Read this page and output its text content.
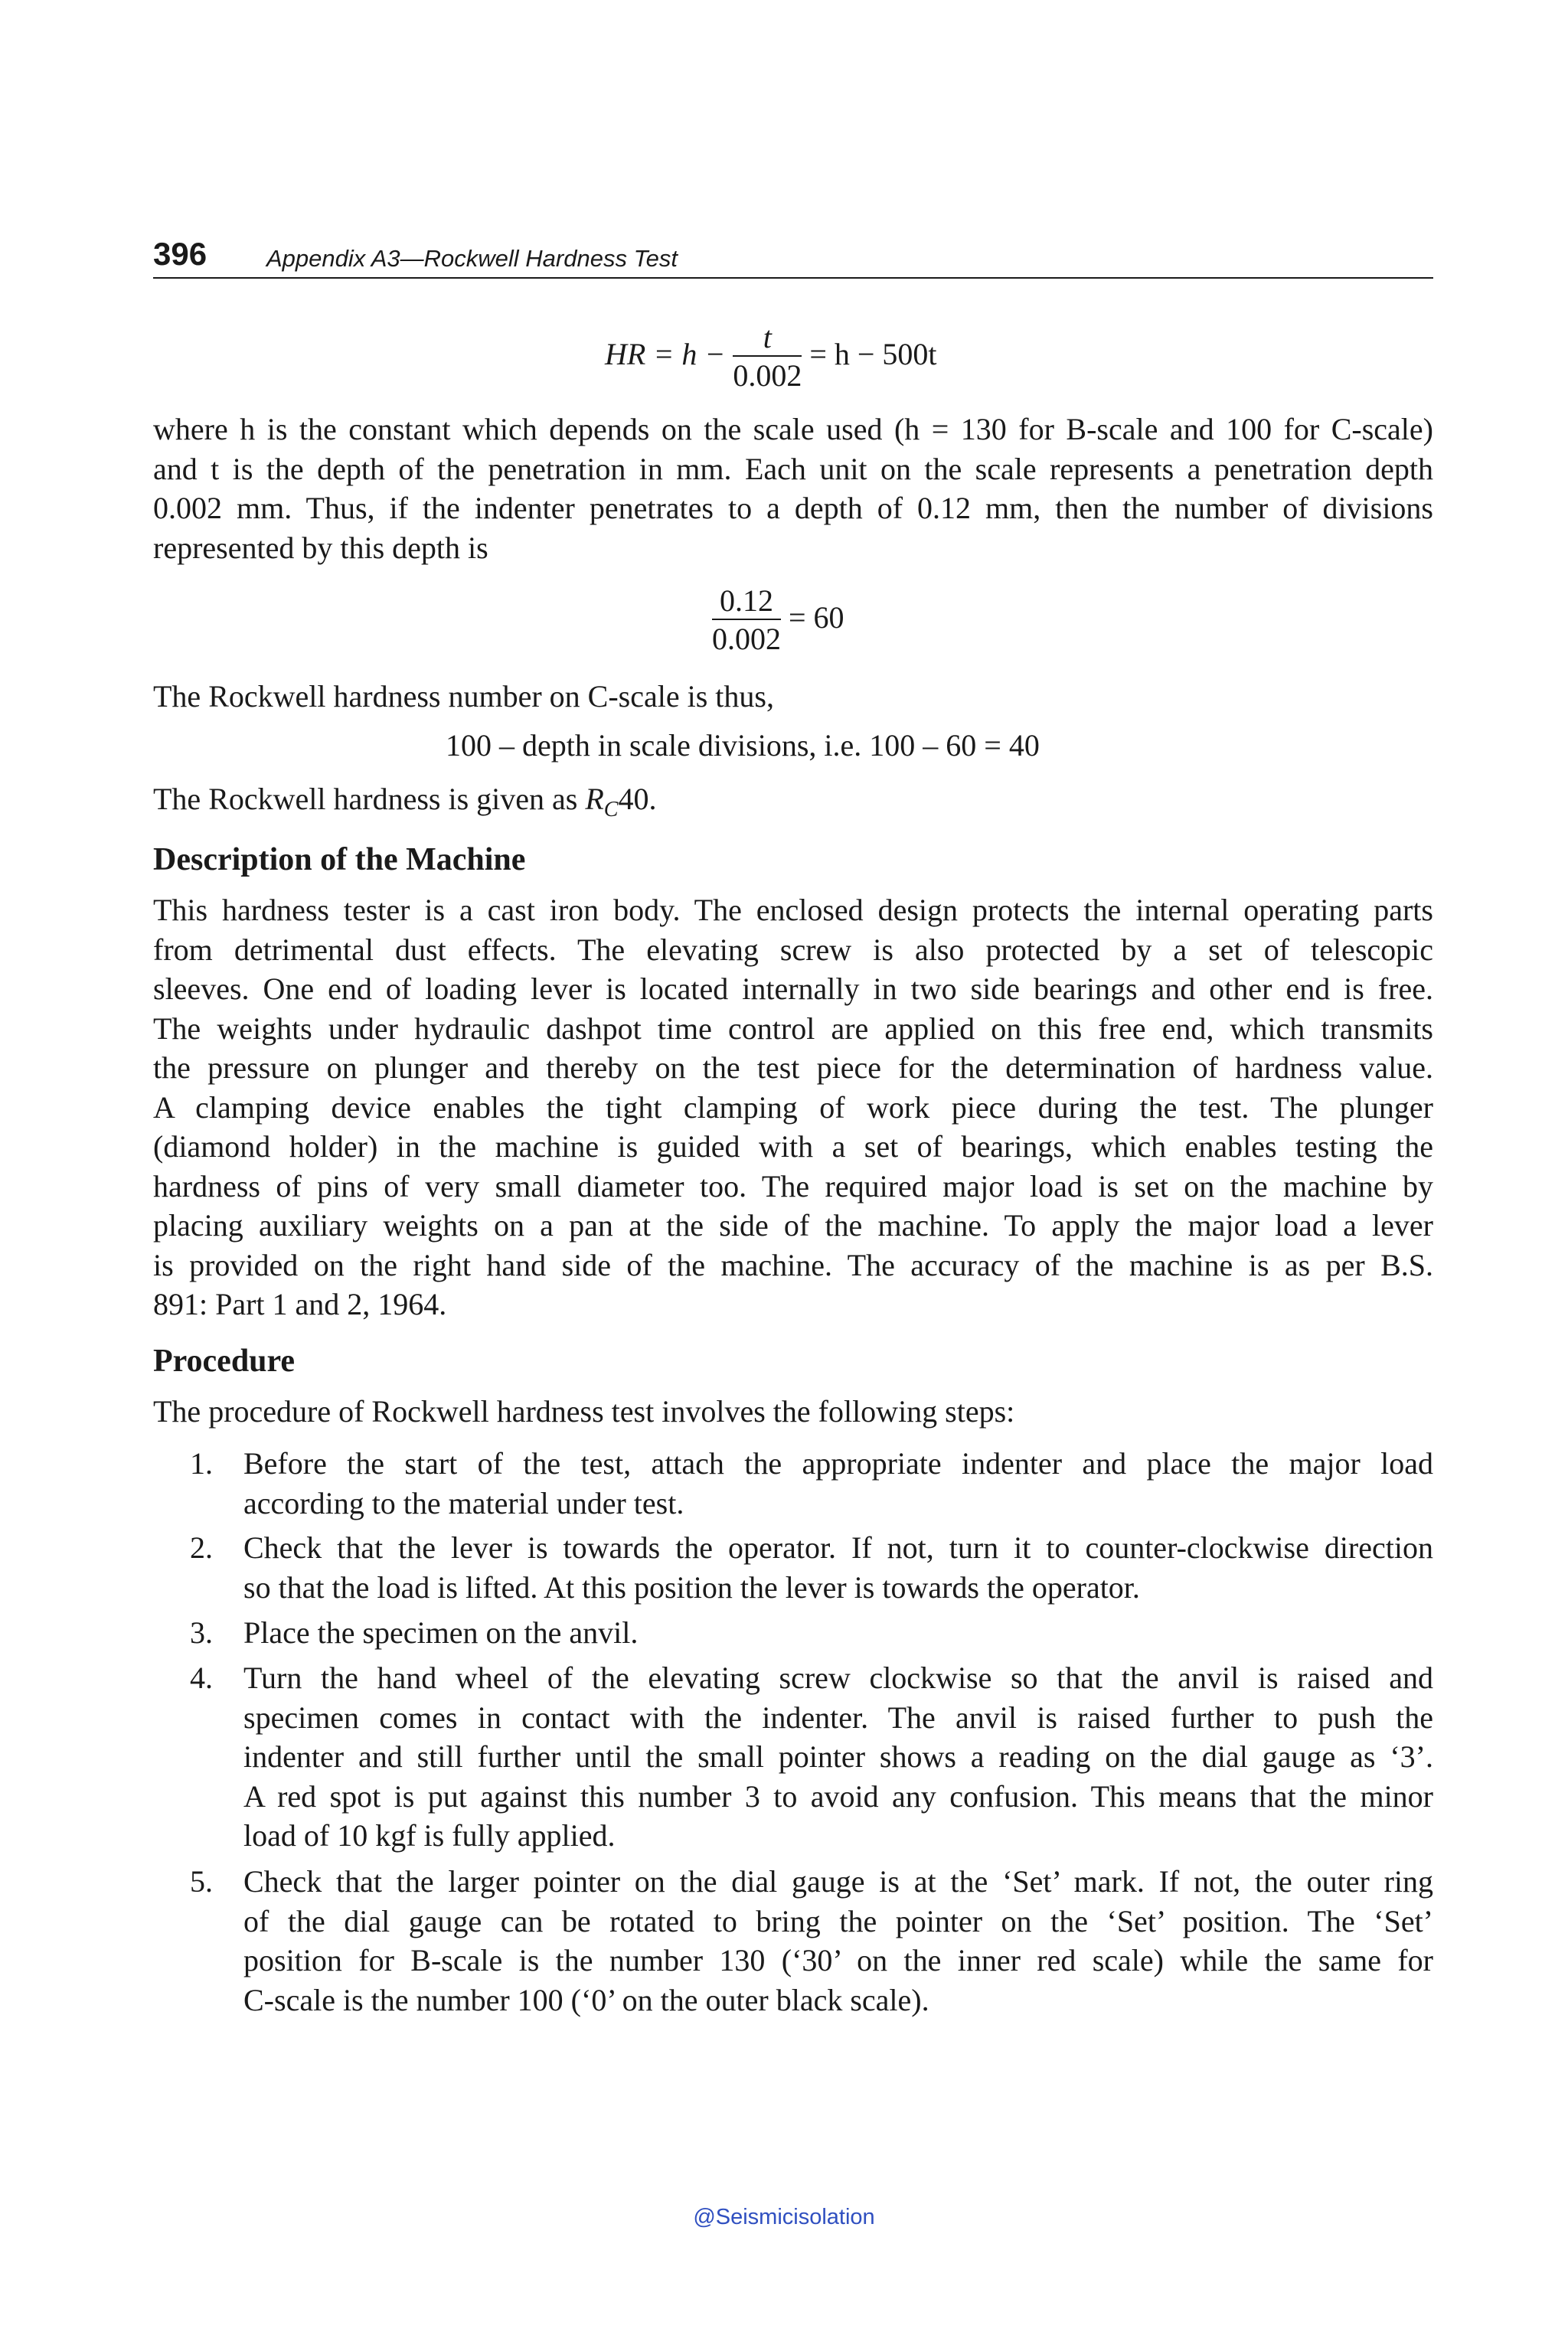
396	Appendix A3—Rockwell Hardness Test
HR = $h - \frac{t}{0.002} = h - 500t$
where h is the constant which depends on the scale used (h = 130 for B-scale and 100 for C-scale)
and t is the depth of the penetration in mm. Each unit on the scale represents a penetration depth
0.002 mm. Thus, if the indenter penetrates to a depth of 0.12 mm, then the number of divisions
represented by this depth is
$\frac{0.12}{0.002} = 60$
The Rockwell hardness number on C-scale is thus,
100 – depth in scale divisions, i.e. 100 – 60 = 40
The Rockwell hardness is given as $R_C40$.
Description of the Machine
This hardness tester is a cast iron body. The enclosed design protects the internal operating parts
from detrimental dust effects. The elevating screw is also protected by a set of telescopic
sleeves. One end of loading lever is located internally in two side bearings and other end is free.
The weights under hydraulic dashpot time control are applied on this free end, which transmits
the pressure on plunger and thereby on the test piece for the determination of hardness value.
A clamping device enables the tight clamping of work piece during the test. The plunger
(diamond holder) in the machine is guided with a set of bearings, which enables testing the
hardness of pins of very small diameter too. The required major load is set on the machine by
placing auxiliary weights on a pan at the side of the machine. To apply the major load a lever
is provided on the right hand side of the machine. The accuracy of the machine is as per B.S.
891: Part 1 and 2, 1964.
Procedure
The procedure of Rockwell hardness test involves the following steps:
1. Before the start of the test, attach the appropriate indenter and place the major load
according to the material under test.
2. Check that the lever is towards the operator. If not, turn it to counter-clockwise direction
so that the load is lifted. At this position the lever is towards the operator.
3. Place the specimen on the anvil.
4. Turn the hand wheel of the elevating screw clockwise so that the anvil is raised and
specimen comes in contact with the indenter. The anvil is raised further to push the
indenter and still further until the small pointer shows a reading on the dial gauge as ‘3’.
A red spot is put against this number 3 to avoid any confusion. This means that the minor
load of 10 kgf is fully applied.
5. Check that the larger pointer on the dial gauge is at the ‘Set’ mark. If not, the outer ring
of the dial gauge can be rotated to bring the pointer on the ‘Set’ position. The ‘Set’
position for B-scale is the number 130 (‘30’ on the inner red scale) while the same for
C-scale is the number 100 (‘0’ on the outer black scale).
@Seismicisolation
